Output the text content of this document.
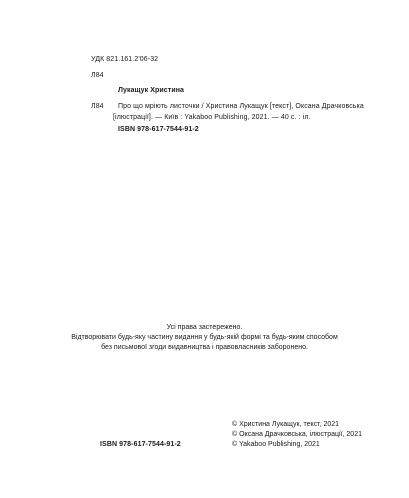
УДК 821.161.2'06-32
Л84
Лукащук Христина
Л84 Про що мріють листочки / Христина Лукащук [текст], Оксана Драчковська
[ілюстрації]. — Київ : Yakaboo Publishing, 2021. — 40 с. : іл.
ISBN 978-617-7544-91-2
Усі права застережено.
Відтворювати будь-яку частину видання у будь-якій формі та будь-яким способом
без письмової згоди видавництва і правовласників заборонено.
ISBN 978-617-7544-91-2
© Христина Лукащук, текст, 2021
© Оксана Драчковська, ілюстрації, 2021
© Yakaboo Publishing, 2021
